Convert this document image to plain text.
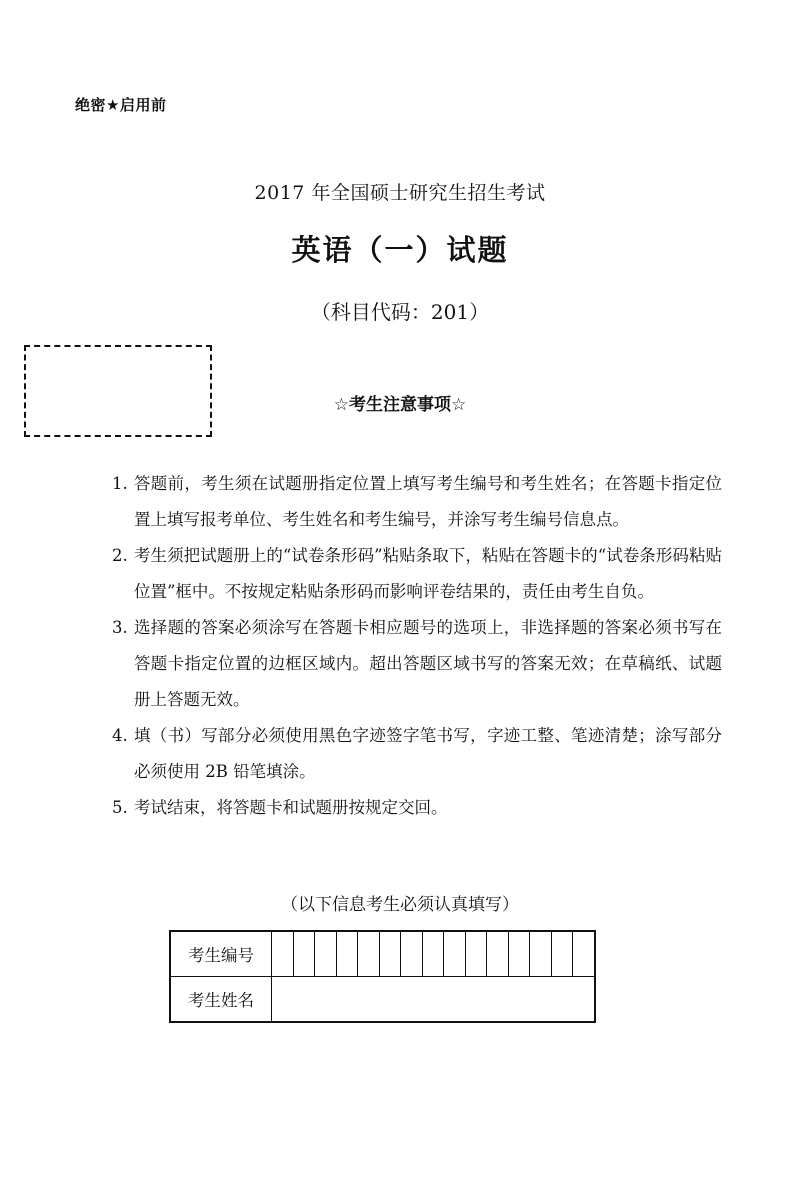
绝密★启用前
2017 年全国硕士研究生招生考试
英语（一）试题
（科目代码：201）
☆考生注意事项☆
1. 答题前，考生须在试题册指定位置上填写考生编号和考生姓名；在答题卡指定位置上填写报考单位、考生姓名和考生编号，并涂写考生编号信息点。
2. 考生须把试题册上的“试卷条形码”粘贴条取下，粘贴在答题卡的“试卷条形码粘贴位置”框中。不按规定粘贴条形码而影响评卷结果的，责任由考生自负。
3. 选择题的答案必须涂写在答题卡相应题号的选项上，非选择题的答案必须书写在答题卡指定位置的边框区域内。超出答题区域书写的答案无效；在草稿纸、试题册上答题无效。
4. 填（书）写部分必须使用黑色字迹签字笔书写，字迹工整、笔迹清楚；涂写部分必须使用 2B 铅笔填涂。
5. 考试结束，将答题卡和试题册按规定交回。
（以下信息考生必须认真填写）
考生编号															
考生姓名															
